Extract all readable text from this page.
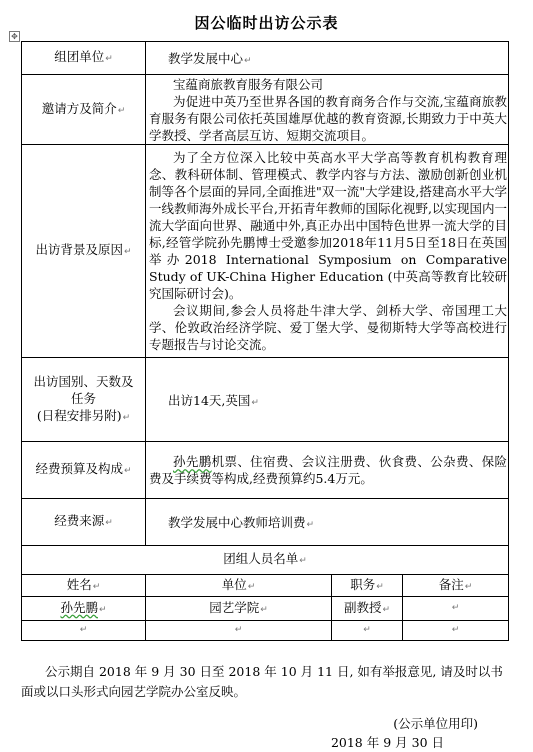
因公临时出访公示表
✥
组团单位↵	教学发展中心↵		
邀请方及简介↵	宝蕴商旅教育服务有限公司
为促进中英乃至世界各国的教育商务合作与交流,宝蕴商旅教育服务有限公司依托英国雄厚优越的教育资源,长期致力于中英大学教授、学者高层互访、短期交流项目。		

出访背景及原因↵	为了全方位深入比较中英高水平大学高等教育机构教育理念、教科研体制、管理模式、教学内容与方法、激励创新创业机制等各个层面的异同,全面推进"双一流"大学建设,搭建高水平大学一线教师海外成长平台,开拓青年教师的国际化视野,以实现国内一流大学面向世界、融通中外,真正办出中国特色世界一流大学的目标,经管学院孙先鹏博士受邀参加2018年11月5日至18日在英国举办2018 International Symposium on Comparative Study of UK-China Higher Education (中英高等教育比较研究国际研讨会)。
会议期间,参会人员将赴牛津大学、剑桥大学、帝国理工大学、伦敦政治经济学院、爱丁堡大学、曼彻斯特大学等高校进行专题报告与讨论交流。		

出访国别、天数及
任务
(日程安排另附)↵	出访14天,英国↵		
经费预算及构成↵	孙先鹏机票、住宿费、会议注册费、伙食费、公杂费、保险费及手续费等构成,经费预算约5.4万元。		

经费来源↵	教学发展中心教师培训费↵		
团组人员名单↵			
姓名↵	单位↵	职务↵	备注↵
孙先鹏↵	园艺学院↵	副教授↵	↵

↵	↵	↵	↵
公示期自 2018 年 9 月 30 日至 2018 年 10 月 11 日, 如有举报意见, 请及时以书面或以口头形式向园艺学院办公室反映。
(公示单位用印)
2018 年 9 月 30 日
